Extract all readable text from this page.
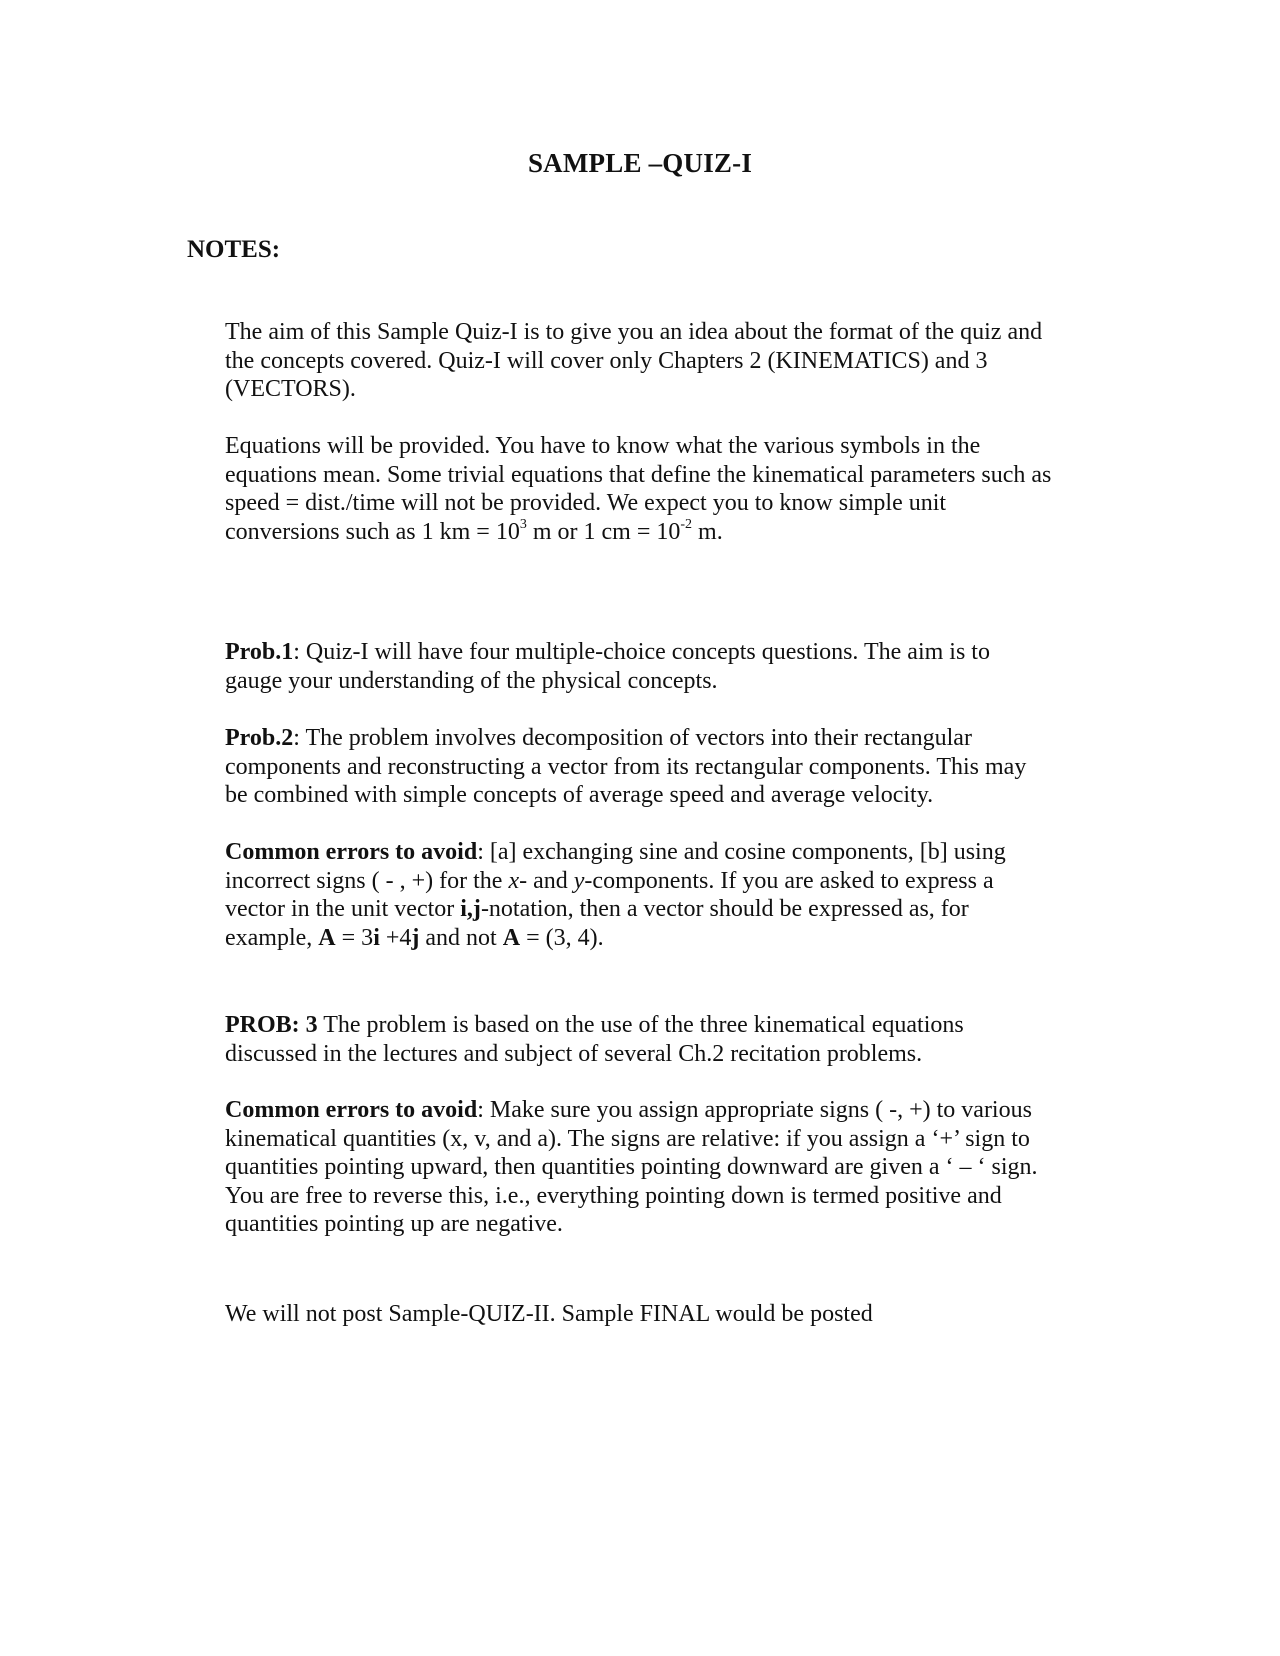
SAMPLE –QUIZ-I
NOTES:

The aim of this Sample Quiz-I is to give you an idea about the format of the quiz and
the concepts covered. Quiz-I will cover only Chapters 2 (KINEMATICS) and 3
(VECTORS).

Equations will be provided. You have to know what the various symbols in the
equations mean. Some trivial equations that define the kinematical parameters such as
speed = dist./time will not be provided. We expect you to know simple unit
conversions such as 1 km = $10^3$ m or 1 cm = $10^{-2}$ m.

Prob.1: Quiz-I will have four multiple-choice concepts questions. The aim is to
gauge your understanding of the physical concepts.

Prob.2: The problem involves decomposition of vectors into their rectangular
components and reconstructing a vector from its rectangular components. This may
be combined with simple concepts of average speed and average velocity.

Common errors to avoid: [a] exchanging sine and cosine components, [b] using
incorrect signs ( - , +) for the x- and y-components. If you are asked to express a
vector in the unit vector i,j-notation, then a vector should be expressed as, for
example, A = 3i +4j and not A = (3, 4).

PROB: 3 The problem is based on the use of the three kinematical equations
discussed in the lectures and subject of several Ch.2 recitation problems.

Common errors to avoid: Make sure you assign appropriate signs ( -, +) to various
kinematical quantities (x, v, and a). The signs are relative: if you assign a ‘+’ sign to
quantities pointing upward, then quantities pointing downward are given a ‘ – ‘ sign.
You are free to reverse this, i.e., everything pointing down is termed positive and
quantities pointing up are negative.

We will not post Sample-QUIZ-II. Sample FINAL would be posted
